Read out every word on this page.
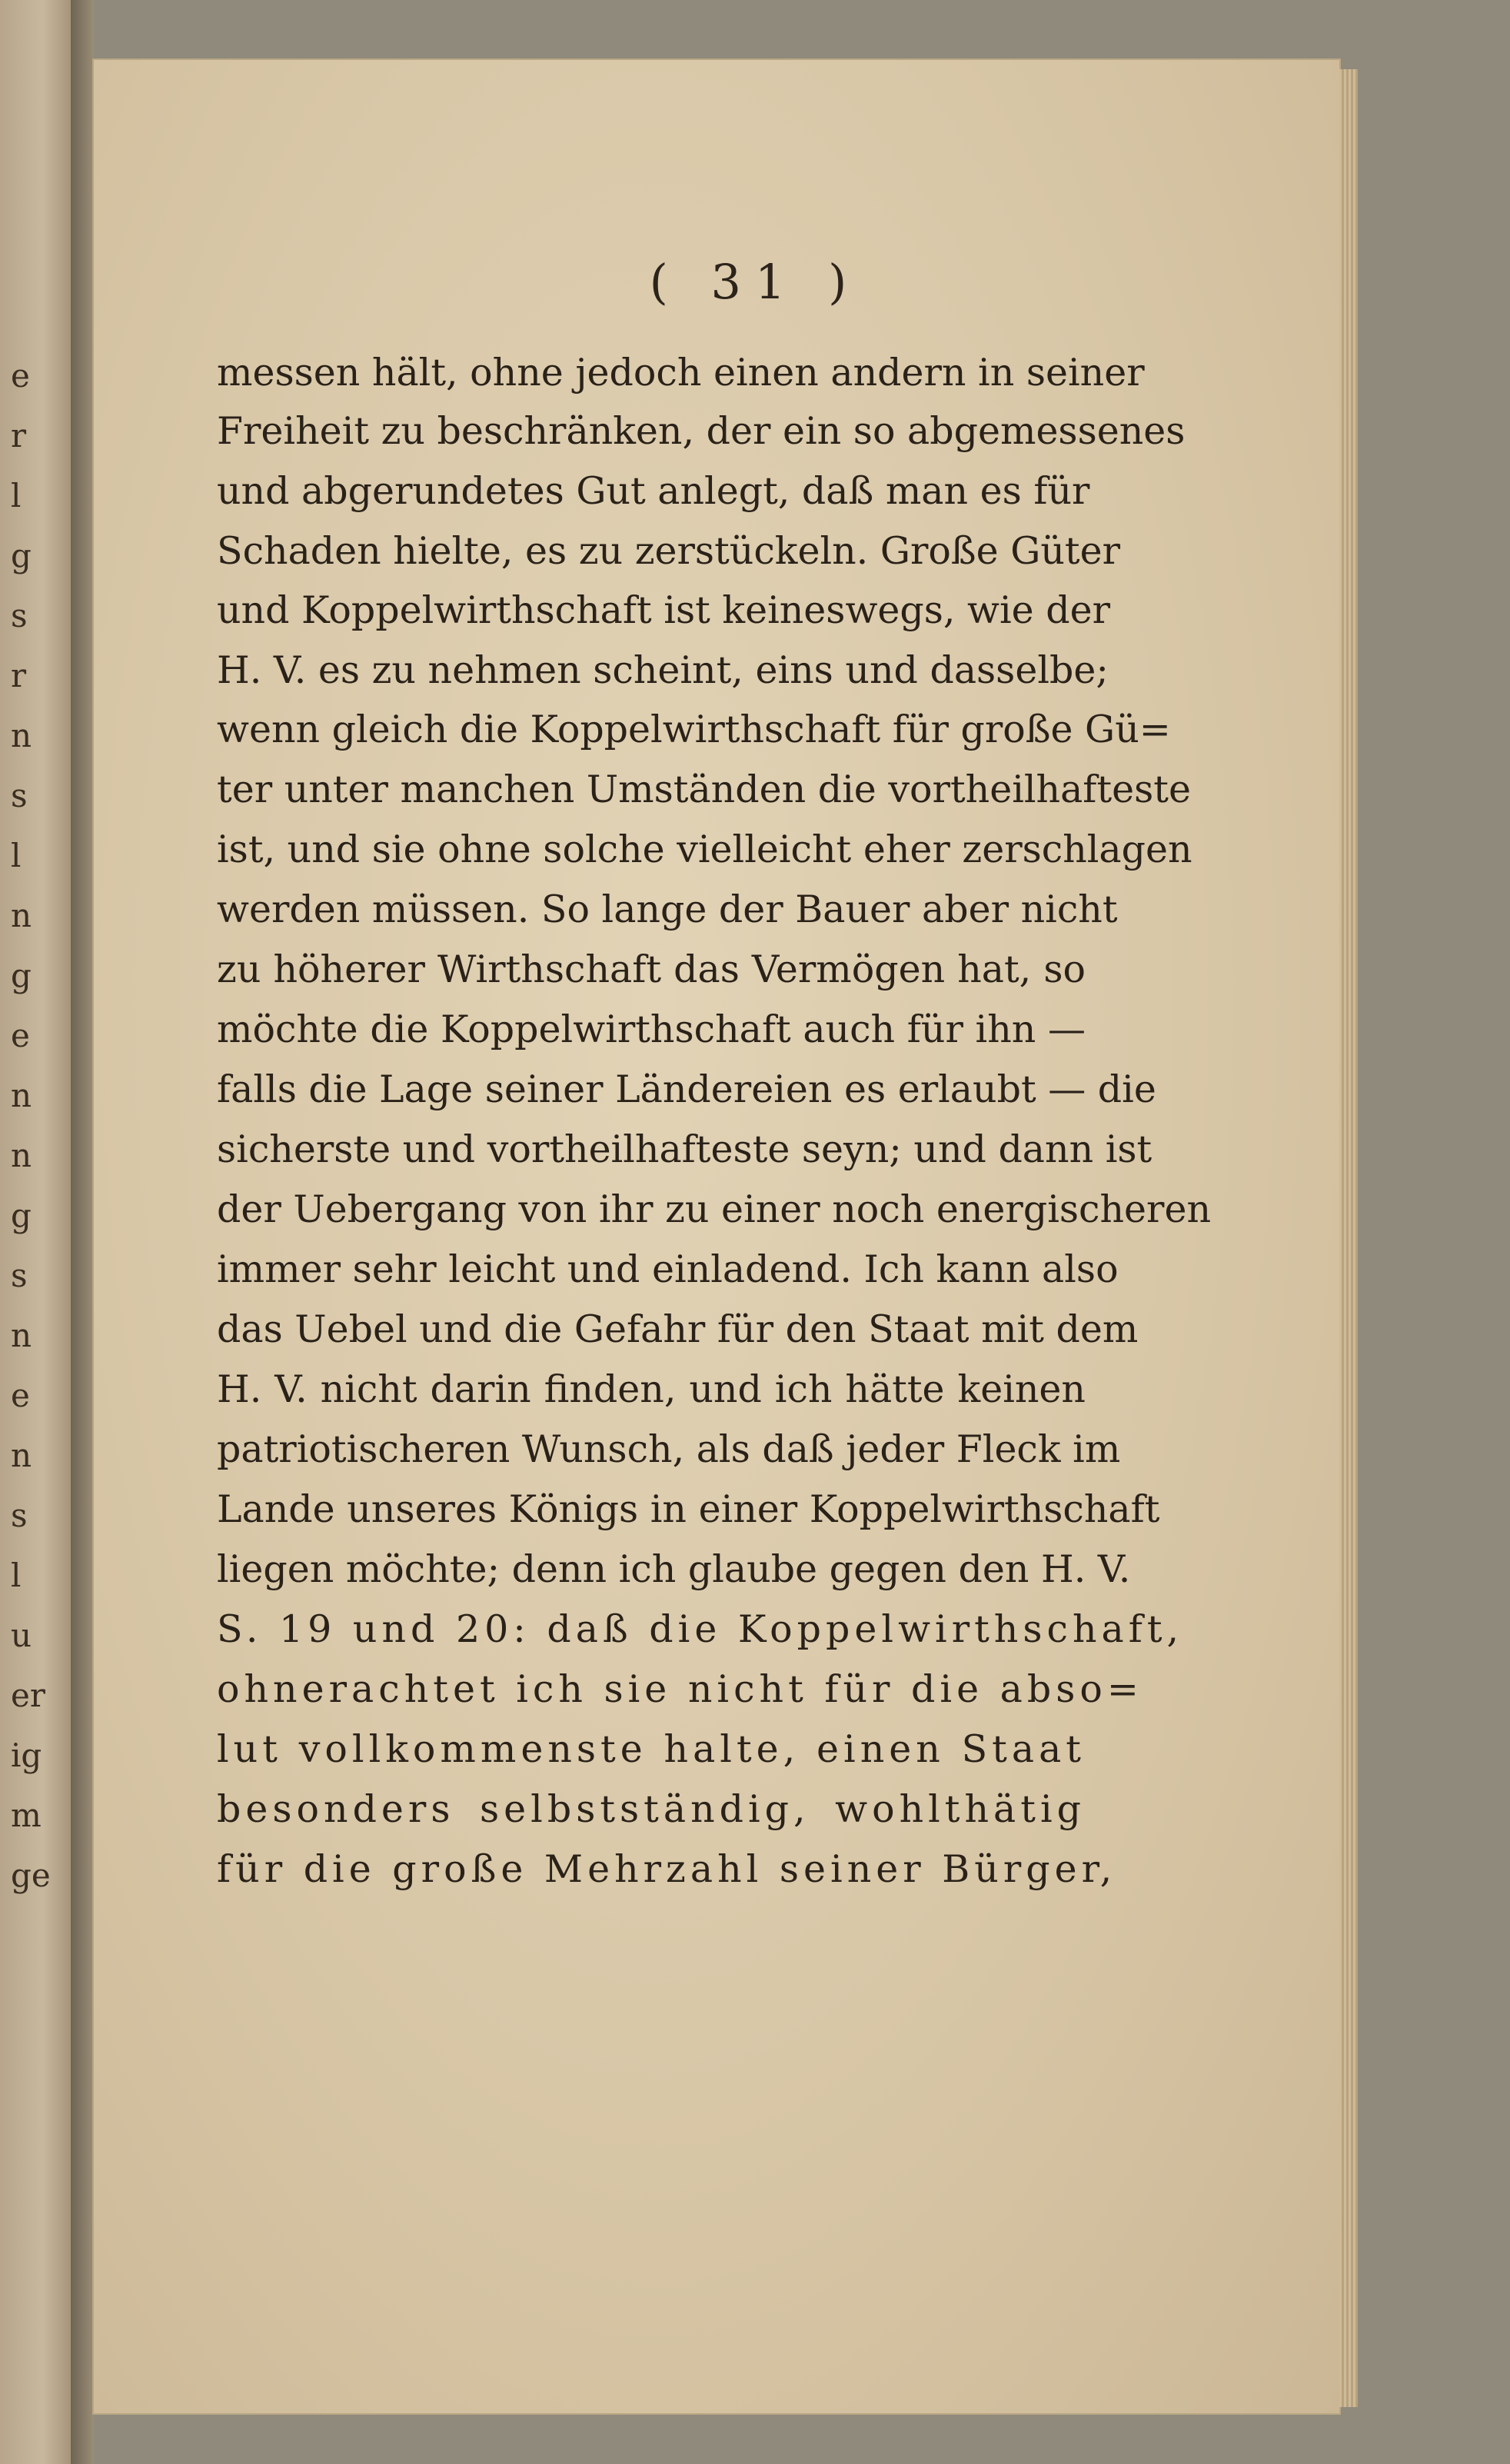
e
r
l
g
s
r
n
s
l
n
g
e
n
n
g
s
n
e
n
s
l
u
er
ig
m
ge
( 31 )
messen hält, ohne jedoch einen andern in seiner
Freiheit zu beschränken, der ein so abgemessenes
und abgerundetes Gut anlegt, daß man es für
Schaden hielte, es zu zerstückeln. Große Güter
und Koppelwirthschaft ist keineswegs, wie der
H. V. es zu nehmen scheint, eins und dasselbe;
wenn gleich die Koppelwirthschaft für große Gü=
ter unter manchen Umständen die vortheilhafteste
ist, und sie ohne solche vielleicht eher zerschlagen
werden müssen. So lange der Bauer aber nicht
zu höherer Wirthschaft das Vermögen hat, so
möchte die Koppelwirthschaft auch für ihn —
falls die Lage seiner Ländereien es erlaubt — die
sicherste und vortheilhafteste seyn; und dann ist
der Uebergang von ihr zu einer noch energischeren
immer sehr leicht und einladend. Ich kann also
das Uebel und die Gefahr für den Staat mit dem
H. V. nicht darin finden, und ich hätte keinen
patriotischeren Wunsch, als daß jeder Fleck im
Lande unseres Königs in einer Koppelwirthschaft
liegen möchte; denn ich glaube gegen den H. V.
S. 19 und 20: daß die Koppelwirthschaft,
ohnerachtet ich sie nicht für die abso=
lut vollkommenste halte, einen Staat
besonders selbstständig, wohlthätig
für die große Mehrzahl seiner Bürger,
